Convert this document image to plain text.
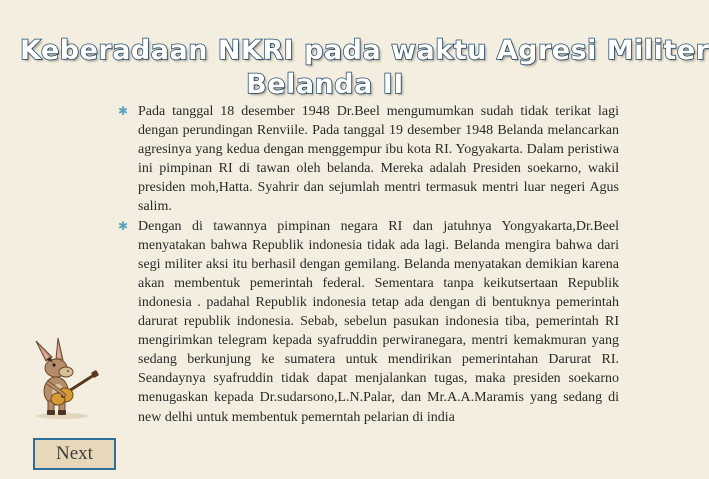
Keberadaan NKRI pada waktu Agresi Militer
Belanda II
✱ Pada tanggal 18 desember 1948 Dr.Beel mengumumkan sudah tidak terikat lagi dengan perundingan Renviile. Pada tanggal 19 desember 1948 Belanda melancarkan agresinya yang kedua dengan menggempur ibu kota RI. Yogyakarta. Dalam peristiwa ini pimpinan RI di tawan oleh belanda. Mereka adalah Presiden soekarno, wakil presiden moh,Hatta. Syahrir dan sejumlah mentri termasuk mentri luar negeri Agus salim.
✱ Dengan di tawannya pimpinan negara RI dan jatuhnya Yongyakarta,Dr.Beel menyatakan bahwa Republik indonesia tidak ada lagi. Belanda mengira bahwa dari segi militer aksi itu berhasil dengan gemilang. Belanda menyatakan demikian karena akan membentuk pemerintah federal. Sementara tanpa keikutsertaan Republik indonesia . padahal Republik indonesia tetap ada dengan di bentuknya pemerintah darurat republik indonesia. Sebab, sebelun pasukan indonesia tiba, pemerintah RI mengirimkan telegram kepada syafruddin perwiranegara, mentri kemakmuran yang sedang berkunjung ke sumatera untuk mendirikan pemerintahan Darurat RI. Seandaynya syafruddin tidak dapat menjalankan tugas, maka presiden soekarno menugaskan kepada Dr.sudarsono,L.N.Palar, dan Mr.A.A.Maramis yang sedang di new delhi untuk membentuk pemerntah pelarian di india
Next
